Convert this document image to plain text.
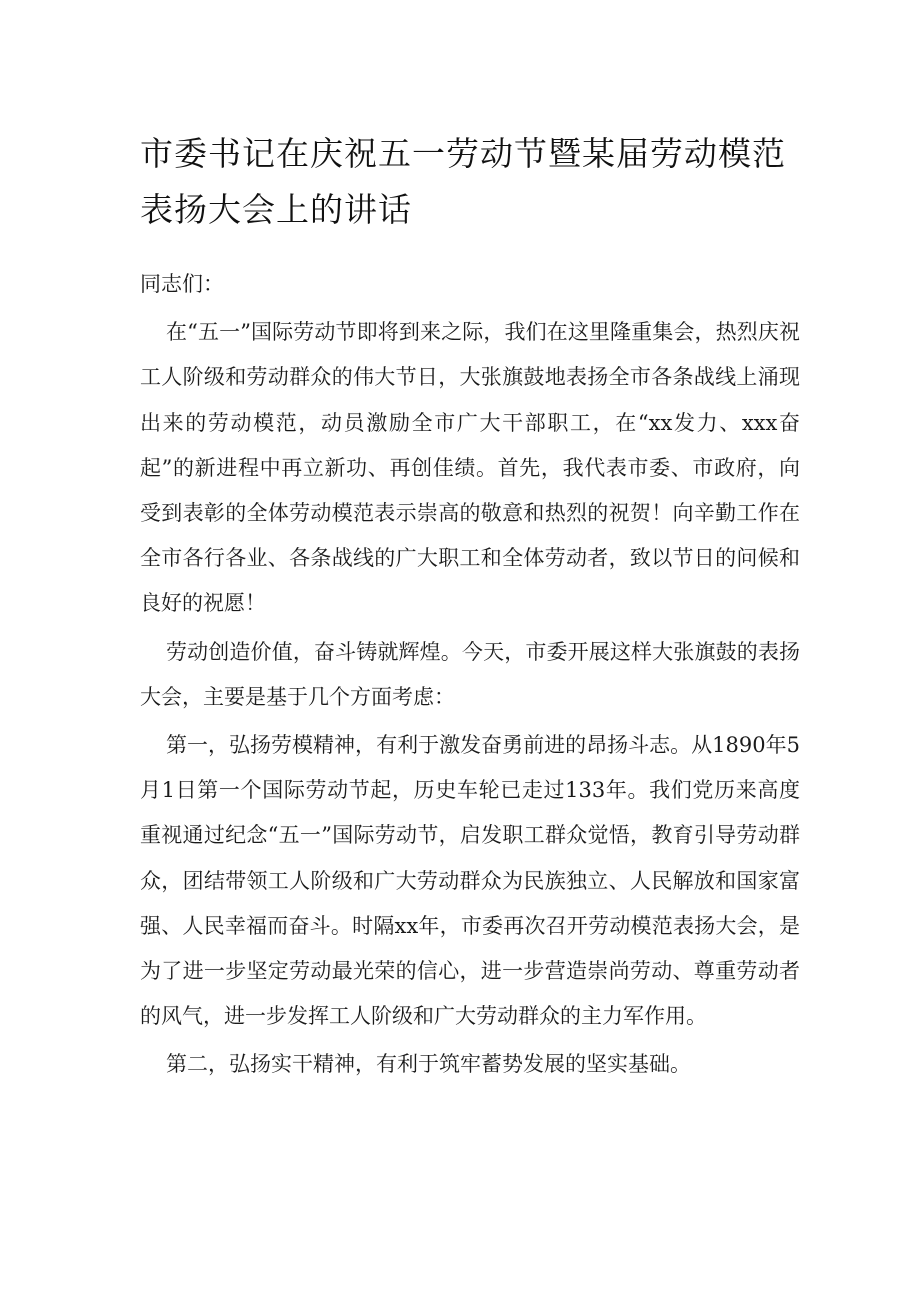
市委书记在庆祝五一劳动节暨某届劳动模范表扬大会上的讲话

同志们：

在“五一”国际劳动节即将到来之际，我们在这里隆重集会，热烈庆祝工人阶级和劳动群众的伟大节日，大张旗鼓地表扬全市各条战线上涌现出来的劳动模范，动员激励全市广大干部职工，在“xx发力、xxx奋起”的新进程中再立新功、再创佳绩。首先，我代表市委、市政府，向受到表彰的全体劳动模范表示崇高的敬意和热烈的祝贺！向辛勤工作在全市各行各业、各条战线的广大职工和全体劳动者，致以节日的问候和良好的祝愿！

劳动创造价值，奋斗铸就辉煌。今天，市委开展这样大张旗鼓的表扬大会，主要是基于几个方面考虑：

第一，弘扬劳模精神，有利于激发奋勇前进的昂扬斗志。从1890年5月1日第一个国际劳动节起，历史车轮已走过133年。我们党历来高度重视通过纪念“五一”国际劳动节，启发职工群众觉悟，教育引导劳动群众，团结带领工人阶级和广大劳动群众为民族独立、人民解放和国家富强、人民幸福而奋斗。时隔xx年，市委再次召开劳动模范表扬大会，是为了进一步坚定劳动最光荣的信心，进一步营造崇尚劳动、尊重劳动者的风气，进一步发挥工人阶级和广大劳动群众的主力军作用。

第二，弘扬实干精神，有利于筑牢蓄势发展的坚实基础。
